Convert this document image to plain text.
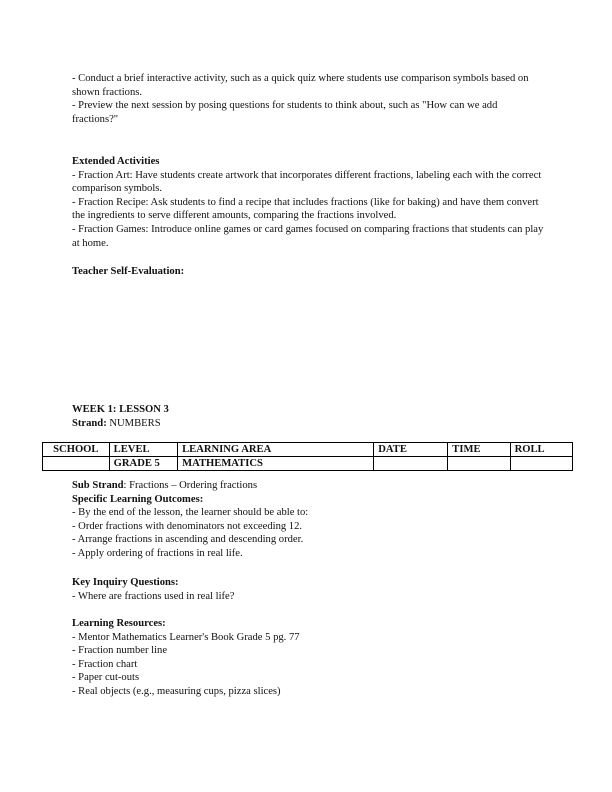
- Conduct a brief interactive activity, such as a quick quiz where students use comparison symbols based on shown fractions.

- Preview the next session by posing questions for students to think about, such as "How can we add fractions?"

Extended Activities

- Fraction Art: Have students create artwork that incorporates different fractions, labeling each with the correct comparison symbols.

- Fraction Recipe: Ask students to find a recipe that includes fractions (like for baking) and have them convert the ingredients to serve different amounts, comparing the fractions involved.

- Fraction Games: Introduce online games or card games focused on comparing fractions that students can play at home.

Teacher Self-Evaluation:

WEEK 1: LESSON 3

Strand: NUMBERS

SCHOOL	LEVEL	LEARNING AREA	DATE	TIME	ROLL
	GRADE 5	MATHEMATICS			

Sub Strand: Fractions – Ordering fractions

Specific Learning Outcomes:

- By the end of the lesson, the learner should be able to:

- Order fractions with denominators not exceeding 12.

- Arrange fractions in ascending and descending order.

- Apply ordering of fractions in real life.

Key Inquiry Questions:

- Where are fractions used in real life?

Learning Resources:

- Mentor Mathematics Learner's Book Grade 5 pg. 77

- Fraction number line

- Fraction chart

- Paper cut-outs

- Real objects (e.g., measuring cups, pizza slices)
